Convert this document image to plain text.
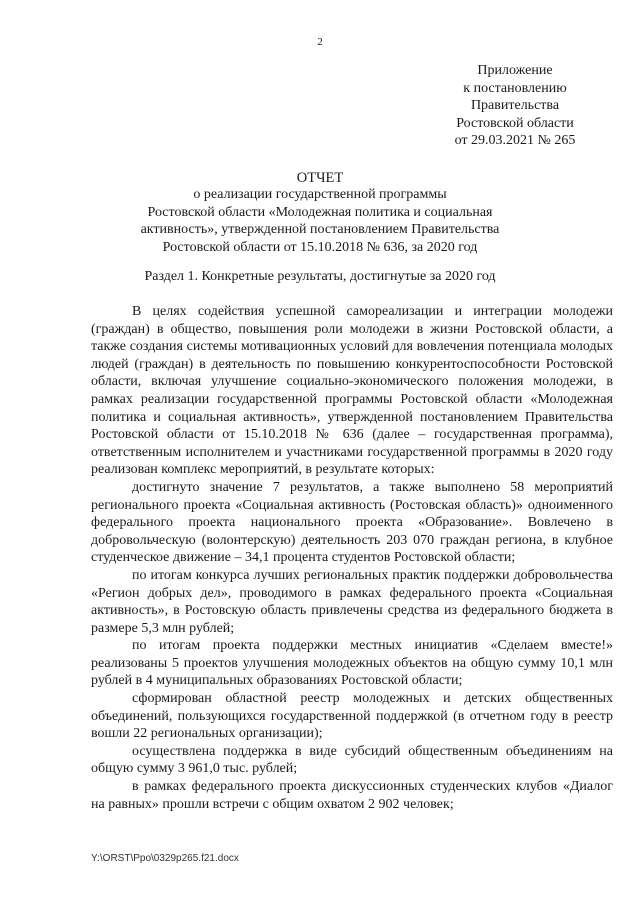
2
Приложение
к постановлению
Правительства
Ростовской области
от 29.03.2021 № 265
ОТЧЕТ
о реализации государственной программы
Ростовской области «Молодежная политика и социальная
активность», утвержденной постановлением Правительства
Ростовской области от 15.10.2018 № 636, за 2020 год
Раздел 1. Конкретные результаты, достигнутые за 2020 год

В целях содействия успешной самореализации и интеграции молодежи (граждан) в общество, повышения роли молодежи в жизни Ростовской области, а также создания системы мотивационных условий для вовлечения потенциала молодых людей (граждан) в деятельность по повышению конкурентоспособности Ростовской области, включая улучшение социально-экономического положения молодежи, в рамках реализации государственной программы Ростовской области «Молодежная политика и социальная активность», утвержденной постановлением Правительства Ростовской области от 15.10.2018 № 636 (далее – государственная программа), ответственным исполнителем и участниками государственной программы в 2020 году реализован комплекс мероприятий, в результате которых:

достигнуто значение 7 результатов, а также выполнено 58 мероприятий регионального проекта «Социальная активность (Ростовская область)» одноименного федерального проекта национального проекта «Образование». Вовлечено в добровольческую (волонтерскую) деятельность 203 070 граждан региона, в клубное студенческое движение – 34,1 процента студентов Ростовской области;

по итогам конкурса лучших региональных практик поддержки добровольчества «Регион добрых дел», проводимого в рамках федерального проекта «Социальная активность», в Ростовскую область привлечены средства из федерального бюджета в размере 5,3 млн рублей;

по итогам проекта поддержки местных инициатив «Сделаем вместе!» реализованы 5 проектов улучшения молодежных объектов на общую сумму 10,1 млн рублей в 4 муниципальных образованиях Ростовской области;

сформирован областной реестр молодежных и детских общественных объединений, пользующихся государственной поддержкой (в отчетном году в реестр вошли 22 региональных организации);

осуществлена поддержка в виде субсидий общественным объединениям на общую сумму 3 961,0 тыс. рублей;

в рамках федерального проекта дискуссионных студенческих клубов «Диалог на равных» прошли встречи с общим охватом 2 902 человек;

Y:\ORST\Ppo\0329p265.f21.docx
